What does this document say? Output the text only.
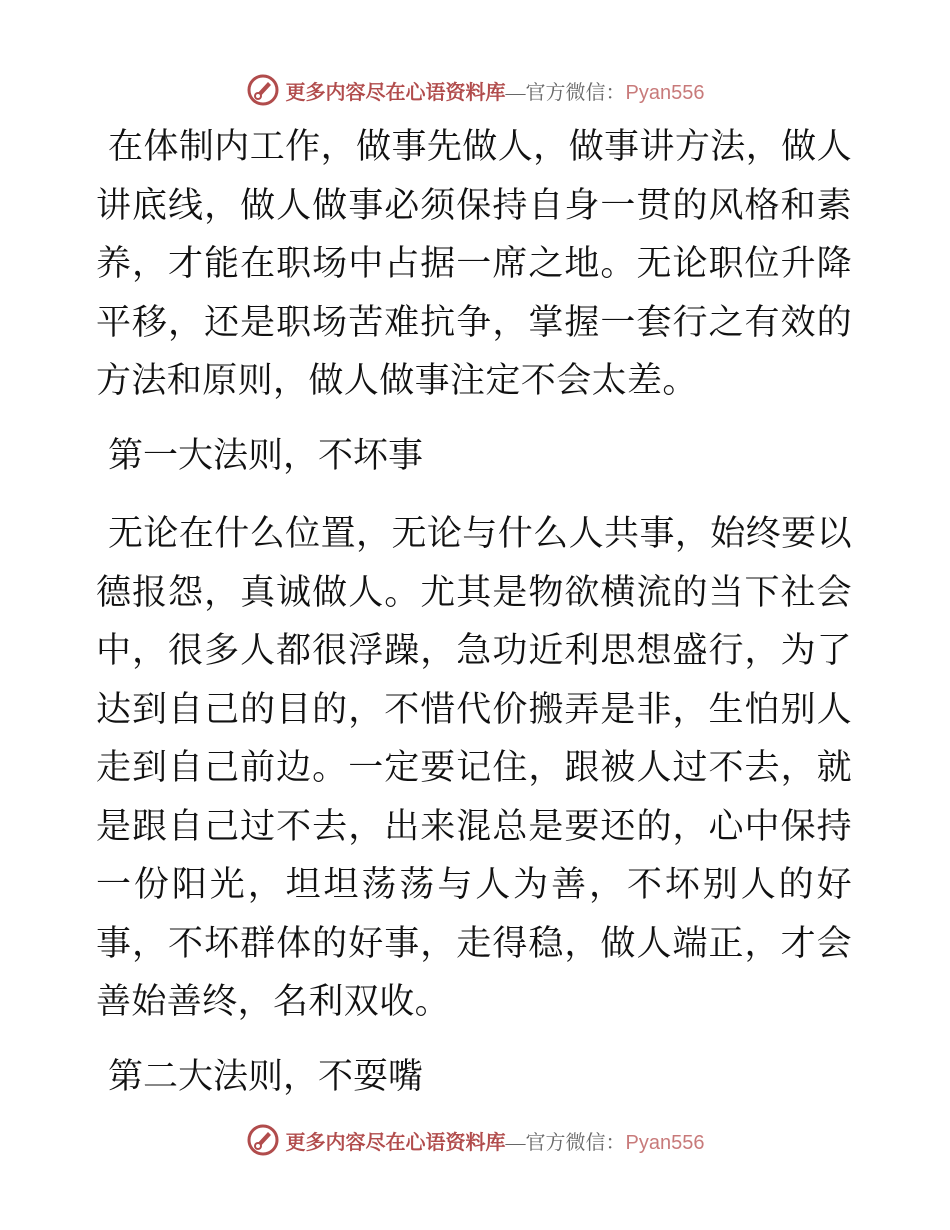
更多内容尽在心语资料库—官方微信：Pyan556

在体制内工作，做事先做人，做事讲方法，做人讲底线，做人做事必须保持自身一贯的风格和素养，才能在职场中占据一席之地。无论职位升降平移，还是职场苦难抗争，掌握一套行之有效的方法和原则，做人做事注定不会太差。

第一大法则，不坏事

无论在什么位置，无论与什么人共事，始终要以德报怨，真诚做人。尤其是物欲横流的当下社会中，很多人都很浮躁，急功近利思想盛行，为了达到自己的目的，不惜代价搬弄是非，生怕别人走到自己前边。一定要记住，跟被人过不去，就是跟自己过不去，出来混总是要还的，心中保持一份阳光，坦坦荡荡与人为善，不坏别人的好事，不坏群体的好事，走得稳，做人端正，才会善始善终，名利双收。

第二大法则，不耍嘴

更多内容尽在心语资料库—官方微信：Pyan556
